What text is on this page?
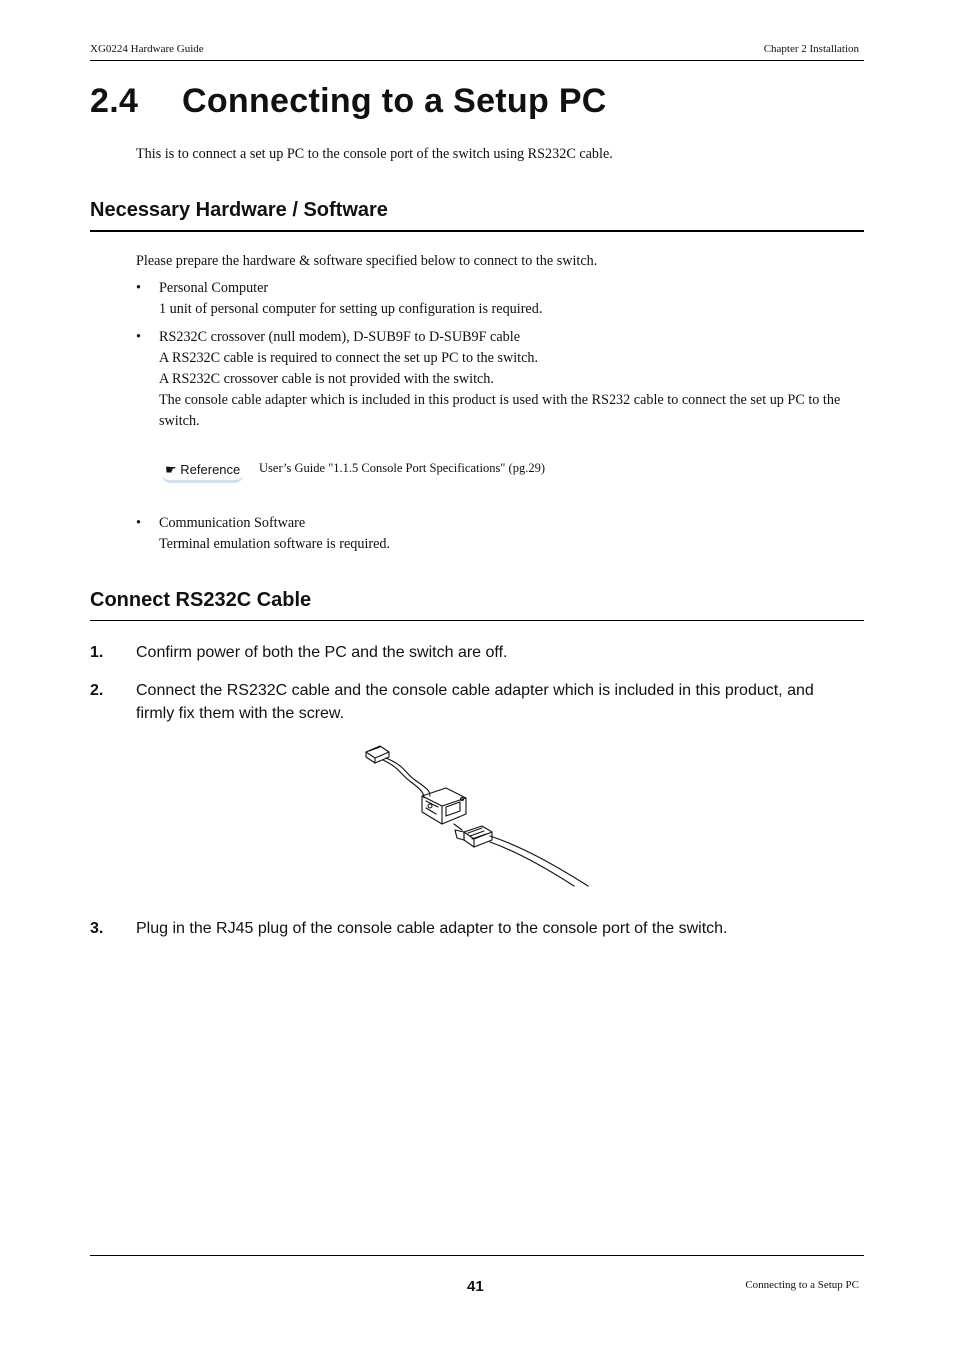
XG0224 Hardware Guide	Chapter 2 Installation
2.4 Connecting to a Setup PC
This is to connect a set up PC to the console port of the switch using RS232C cable.
Necessary Hardware / Software
Please prepare the hardware & software specified below to connect to the switch.
• Personal Computer
1 unit of personal computer for setting up configuration is required.
• RS232C crossover (null modem), D-SUB9F to D-SUB9F cable
A RS232C cable is required to connect the set up PC to the switch.
A RS232C crossover cable is not provided with the switch.
The console cable adapter which is included in this product is used with the RS232 cable to connect the set up PC to the switch.
☛ Reference User’s Guide "1.1.5 Console Port Specifications" (pg.29)
• Communication Software
Terminal emulation software is required.
Connect RS232C Cable
1. Confirm power of both the PC and the switch are off.
2. Connect the RS232C cable and the console cable adapter which is included in this product, and firmly fix them with the screw.
3. Plug in the RJ45 plug of the console cable adapter to the console port of the switch.
41	Connecting to a Setup PC
